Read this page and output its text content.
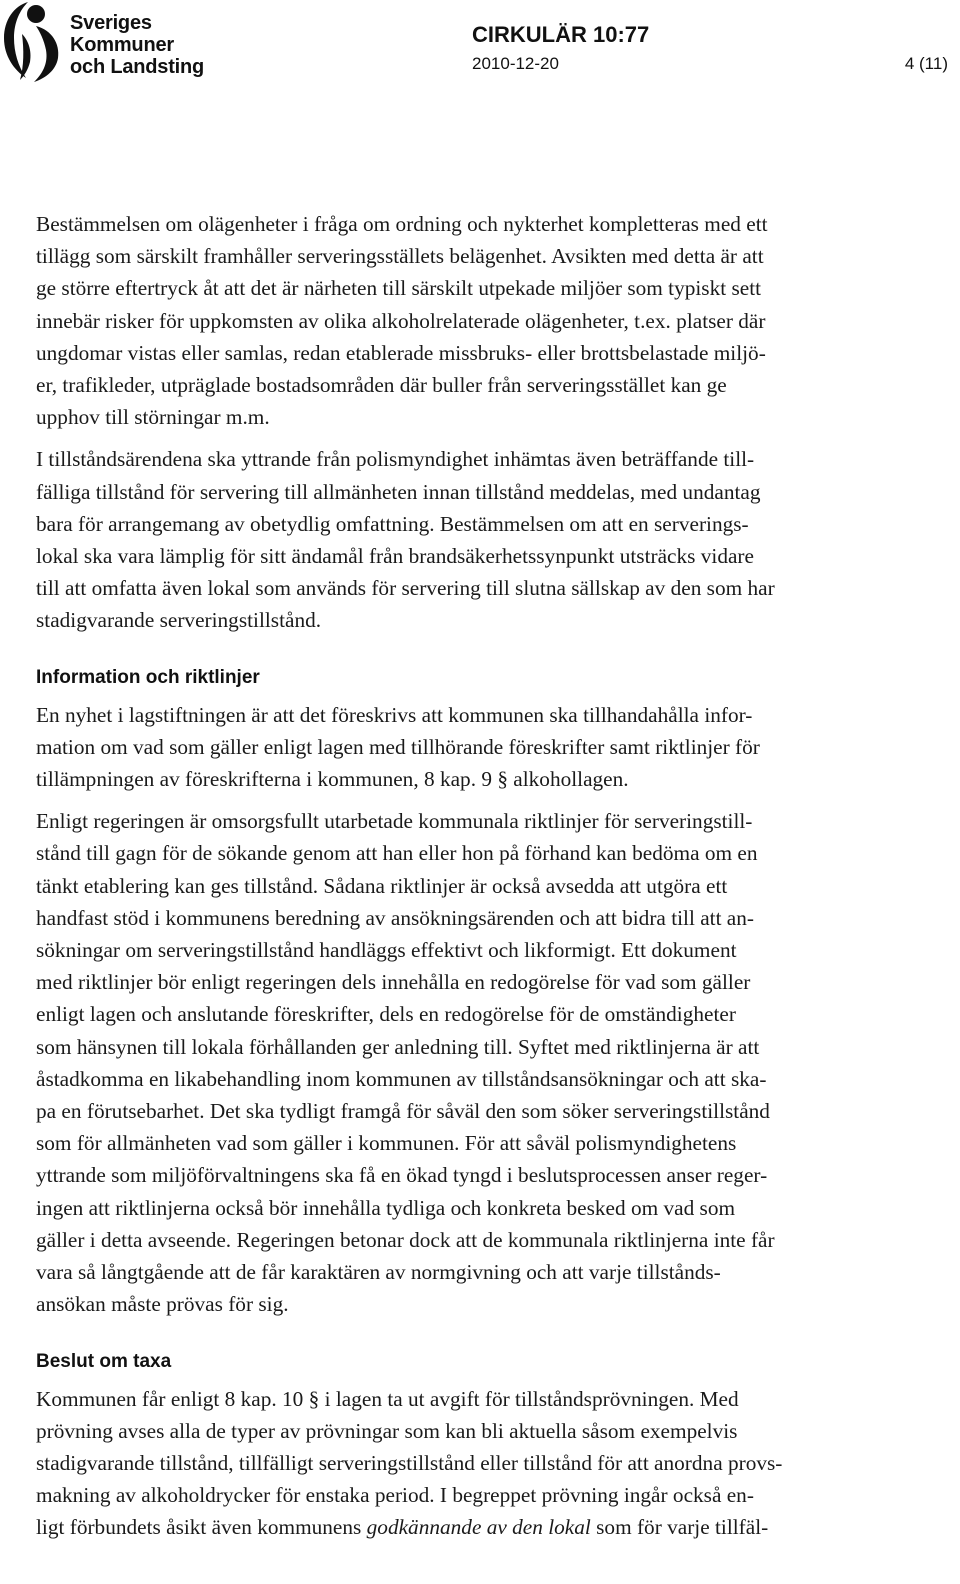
Sveriges
Kommuner
och Landsting
CIRKULÄR 10:77
2010-12-20	4 (11)

Bestämmelsen om olägenheter i fråga om ordning och nykterhet kompletteras med ett
tillägg som särskilt framhåller serveringsställets belägenhet. Avsikten med detta är att
ge större eftertryck åt att det är närheten till särskilt utpekade miljöer som typiskt sett
innebär risker för uppkomsten av olika alkoholrelaterade olägenheter, t.ex. platser där
ungdomar vistas eller samlas, redan etablerade missbruks- eller brottsbelastade miljö-
er, trafikleder, utpräglade bostadsområden där buller från serveringsstället kan ge
upphov till störningar m.m.

I tillståndsärendena ska yttrande från polismyndighet inhämtas även beträffande till-
fälliga tillstånd för servering till allmänheten innan tillstånd meddelas, med undantag
bara för arrangemang av obetydlig omfattning. Bestämmelsen om att en serverings-
lokal ska vara lämplig för sitt ändamål från brandsäkerhetssynpunkt utsträcks vidare
till att omfatta även lokal som används för servering till slutna sällskap av den som har
stadigvarande serveringstillstånd.

Information och riktlinjer

En nyhet i lagstiftningen är att det föreskrivs att kommunen ska tillhandahålla infor-
mation om vad som gäller enligt lagen med tillhörande föreskrifter samt riktlinjer för
tillämpningen av föreskrifterna i kommunen, 8 kap. 9 § alkohollagen.

Enligt regeringen är omsorgsfullt utarbetade kommunala riktlinjer för serveringstill-
stånd till gagn för de sökande genom att han eller hon på förhand kan bedöma om en
tänkt etablering kan ges tillstånd. Sådana riktlinjer är också avsedda att utgöra ett
handfast stöd i kommunens beredning av ansökningsärenden och att bidra till att an-
sökningar om serveringstillstånd handläggs effektivt och likformigt. Ett dokument
med riktlinjer bör enligt regeringen dels innehålla en redogörelse för vad som gäller
enligt lagen och anslutande föreskrifter, dels en redogörelse för de omständigheter
som hänsynen till lokala förhållanden ger anledning till. Syftet med riktlinjerna är att
åstadkomma en likabehandling inom kommunen av tillståndsansökningar och att ska-
pa en förutsebarhet. Det ska tydligt framgå för såväl den som söker serveringstillstånd
som för allmänheten vad som gäller i kommunen. För att såväl polismyndighetens
yttrande som miljöförvaltningens ska få en ökad tyngd i beslutsprocessen anser reger-
ingen att riktlinjerna också bör innehålla tydliga och konkreta besked om vad som
gäller i detta avseende. Regeringen betonar dock att de kommunala riktlinjerna inte får
vara så långtgående att de får karaktären av normgivning och att varje tillstånds-
ansökan måste prövas för sig.

Beslut om taxa

Kommunen får enligt 8 kap. 10 § i lagen ta ut avgift för tillståndsprövningen. Med
prövning avses alla de typer av prövningar som kan bli aktuella såsom exempelvis
stadigvarande tillstånd, tillfälligt serveringstillstånd eller tillstånd för att anordna provs-
makning av alkoholdrycker för enstaka period. I begreppet prövning ingår också en-
ligt förbundets åsikt även kommunens godkännande av den lokal som för varje tillfäl-
